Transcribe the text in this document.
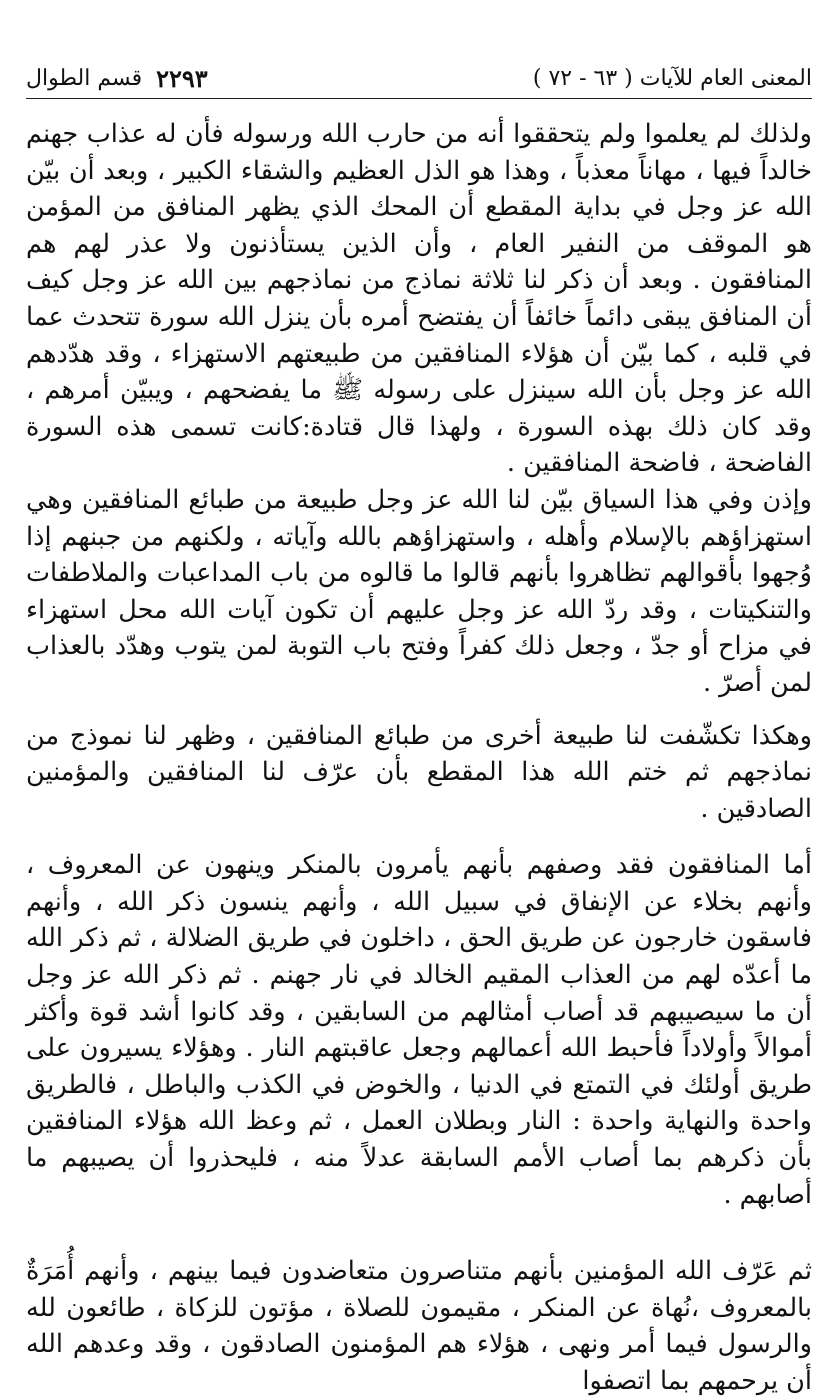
٢٢٩٣
قسم الطوال	المعنى العام للآيات ( ٦٣ - ٧٢ )

ولذلك لم يعلموا ولم يتحققوا أنه من حارب الله ورسوله فأن له عذاب جهنم خالداً فيها ، مهاناً معذباً ، وهذا هو الذل العظيم والشقاء الكبير ، وبعد أن بيّن الله عز وجل في بداية المقطع أن المحك الذي يظهر المنافق من المؤمن هو الموقف من النفير العام ، وأن الذين يستأذنون ولا عذر لهم هم المنافقون . وبعد أن ذكر لنا ثلاثة نماذج من نماذجهم بين الله عز وجل كيف أن المنافق يبقى دائماً خائفاً أن يفتضح أمره بأن ينزل الله سورة تتحدث عما في قلبه ، كما بيّن أن هؤلاء المنافقين من طبيعتهم الاستهزاء ، وقد هدّدهم الله عز وجل بأن الله سينزل على رسوله ﷺ ما يفضحهم ، ويبيّن أمرهم ، وقد كان ذلك بهذه السورة ، ولهذا قال قتادة:كانت تسمى هذه السورة الفاضحة ، فاضحة المنافقين .

وإذن وفي هذا السياق بيّن لنا الله عز وجل طبيعة من طبائع المنافقين وهي استهزاؤهم بالإسلام وأهله ، واستهزاؤهم بالله وآياته ، ولكنهم من جبنهم إذا وُجهوا بأقوالهم تظاهروا بأنهم قالوا ما قالوه من باب المداعبات والملاطفات والتنكيتات ، وقد ردّ الله عز وجل عليهم أن تكون آيات الله محل استهزاء في مزاح أو جدّ ، وجعل ذلك كفراً وفتح باب التوبة لمن يتوب وهدّد بالعذاب لمن أصرّ .

وهكذا تكشّفت لنا طبيعة أخرى من طبائع المنافقين ، وظهر لنا نموذج من نماذجهم ثم ختم الله هذا المقطع بأن عرّف لنا المنافقين والمؤمنين الصادقين .

أما المنافقون فقد وصفهم بأنهم يأمرون بالمنكر وينهون عن المعروف ، وأنهم بخلاء عن الإنفاق في سبيل الله ، وأنهم ينسون ذكر الله ، وأنهم فاسقون خارجون عن طريق الحق ، داخلون في طريق الضلالة ، ثم ذكر الله ما أعدّه لهم من العذاب المقيم الخالد في نار جهنم . ثم ذكر الله عز وجل أن ما سيصيبهم قد أصاب أمثالهم من السابقين ، وقد كانوا أشد قوة وأكثر أموالاً وأولاداً فأحبط الله أعمالهم وجعل عاقبتهم النار . وهؤلاء يسيرون على طريق أولئك في التمتع في الدنيا ، والخوض في الكذب والباطل ، فالطريق واحدة والنهاية واحدة : النار وبطلان العمل ، ثم وعظ الله هؤلاء المنافقين بأن ذكرهم بما أصاب الأمم السابقة عدلاً منه ، فليحذروا أن يصيبهم ما أصابهم .

ثم عَرّف الله المؤمنين بأنهم متناصرون متعاضدون فيما بينهم ، وأنهم أُمَرَةٌ بالمعروف ،نُهاة عن المنكر ، مقيمون للصلاة ، مؤتون للزكاة ، طائعون لله والرسول فيما أمر ونهى ، هؤلاء هم المؤمنون الصادقون ، وقد وعدهم الله أن يرحمهم بما اتصفوا
